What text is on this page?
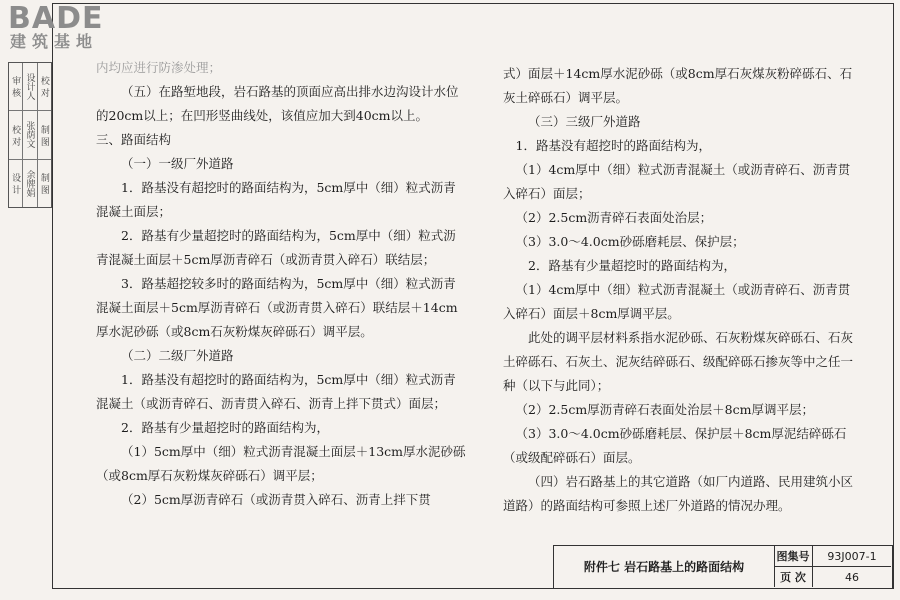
BADE
建筑基地
审 核 设计人 校 对
校 对 张荫文 制 图
设 计 余牌娟 制 图

内均应进行防渗处理；

（五）在路堑地段，岩石路基的顶面应高出排水边沟设计水位的20cm以上；在凹形竖曲线处，该值应加大到40cm以上。

三、路面结构

（一）一级厂外道路

1．路基没有超挖时的路面结构为，5cm厚中（细）粒式沥青混凝土面层；

2．路基有少量超挖时的路面结构为，5cm厚中（细）粒式沥青混凝土面层＋5cm厚沥青碎石（或沥青贯入碎石）联结层；

3．路基超挖较多时的路面结构为，5cm厚中（细）粒式沥青混凝土面层＋5cm厚沥青碎石（或沥青贯入碎石）联结层＋14cm厚水泥砂砾（或8cm石灰粉煤灰碎砾石）调平层。

（二）二级厂外道路

1．路基没有超挖时的路面结构为，5cm厚中（细）粒式沥青混凝土（或沥青碎石、沥青贯入碎石、沥青上拌下贯式）面层；

2．路基有少量超挖时的路面结构为，

（1）5cm厚中（细）粒式沥青混凝土面层＋13cm厚水泥砂砾（或8cm厚石灰粉煤灰碎砾石）调平层；

（2）5cm厚沥青碎石（或沥青贯入碎石、沥青上拌下贯

式）面层＋14cm厚水泥砂砾（或8cm厚石灰煤灰粉碎砾石、石灰土碎砾石）调平层。

（三）三级厂外道路

1．路基没有超挖时的路面结构为，

（1）4cm厚中（细）粒式沥青混凝土（或沥青碎石、沥青贯入碎石）面层；

（2）2.5cm沥青碎石表面处治层；

（3）3.0～4.0cm砂砾磨耗层、保护层；

2．路基有少量超挖时的路面结构为，

（1）4cm厚中（细）粒式沥青混凝土（或沥青碎石、沥青贯入碎石）面层＋8cm厚调平层。

此处的调平层材料系指水泥砂砾、石灰粉煤灰碎砾石、石灰土碎砾石、石灰土、泥灰结碎砾石、级配碎砾石掺灰等中之任一种（以下与此同）；

（2）2.5cm厚沥青碎石表面处治层＋8cm厚调平层；

（3）3.0～4.0cm砂砾磨耗层、保护层＋8cm厚泥结碎砾石（或级配碎砾石）面层。

（四）岩石路基上的其它道路（如厂内道路、民用建筑小区道路）的路面结构可参照上述厂外道路的情况办理。

附件七 岩石路基上的路面结构
图集号	93J007-1
页 次	46
